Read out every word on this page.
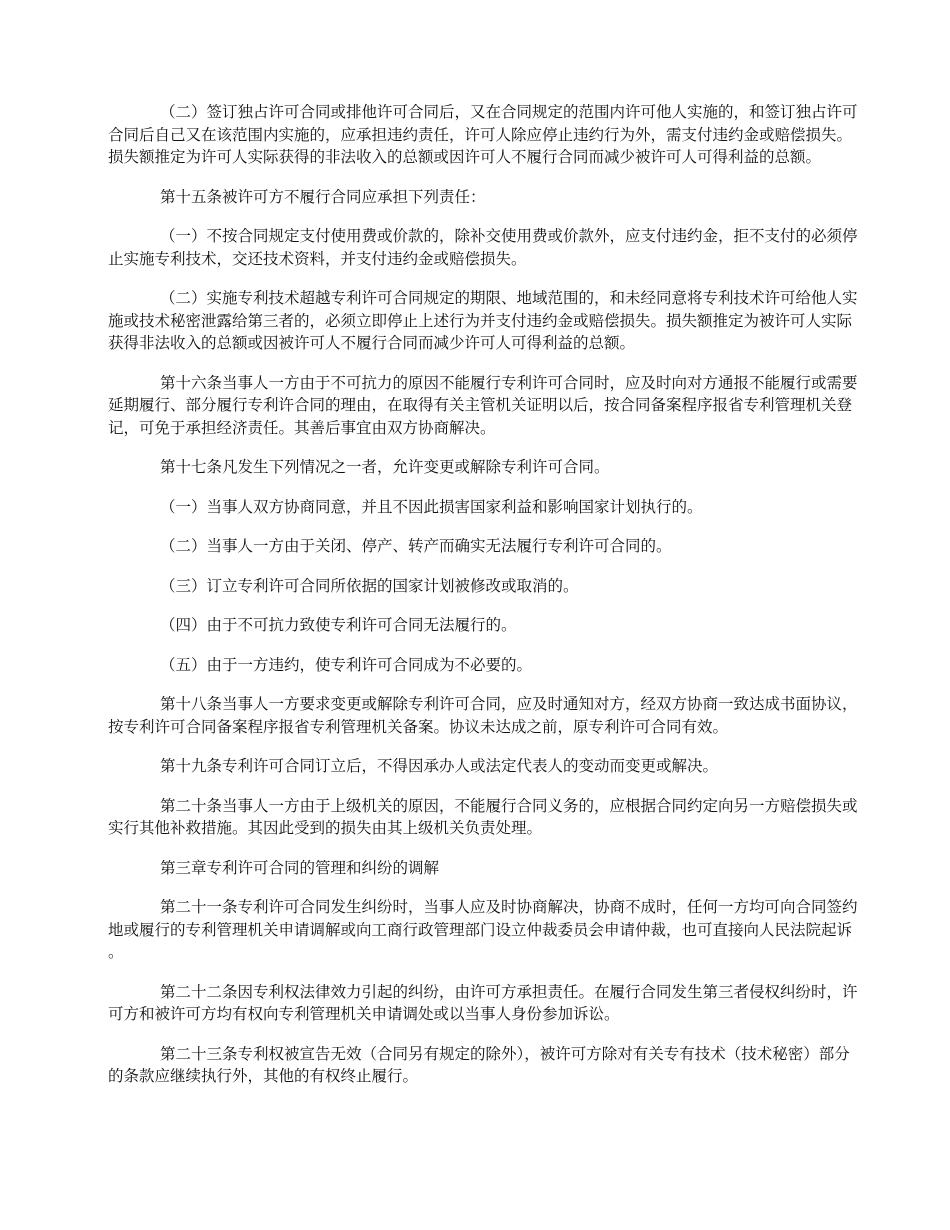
（二）签订独占许可合同或排他许可合同后，又在合同规定的范围内许可他人实施的，和签订独占许可合同后自己又在该范围内实施的，应承担违约责任，许可人除应停止违约行为外，需支付违约金或赔偿损失。损失额推定为许可人实际获得的非法收入的总额或因许可人不履行合同而减少被许可人可得利益的总额。

第十五条被许可方不履行合同应承担下列责任：

（一）不按合同规定支付使用费或价款的，除补交使用费或价款外，应支付违约金，拒不支付的必须停止实施专利技术，交还技术资料，并支付违约金或赔偿损失。

（二）实施专利技术超越专利许可合同规定的期限、地域范围的，和未经同意将专利技术许可给他人实施或技术秘密泄露给第三者的，必须立即停止上述行为并支付违约金或赔偿损失。损失额推定为被许可人实际获得非法收入的总额或因被许可人不履行合同而减少许可人可得利益的总额。

第十六条当事人一方由于不可抗力的原因不能履行专利许可合同时，应及时向对方通报不能履行或需要延期履行、部分履行专利许合同的理由，在取得有关主管机关证明以后，按合同备案程序报省专利管理机关登记，可免于承担经济责任。其善后事宜由双方协商解决。

第十七条凡发生下列情况之一者，允许变更或解除专利许可合同。

（一）当事人双方协商同意，并且不因此损害国家利益和影响国家计划执行的。

（二）当事人一方由于关闭、停产、转产而确实无法履行专利许可合同的。

（三）订立专利许可合同所依据的国家计划被修改或取消的。

（四）由于不可抗力致使专利许可合同无法履行的。

（五）由于一方违约，使专利许可合同成为不必要的。

第十八条当事人一方要求变更或解除专利许可合同，应及时通知对方，经双方协商一致达成书面协议，按专利许可合同备案程序报省专利管理机关备案。协议未达成之前，原专利许可合同有效。

第十九条专利许可合同订立后，不得因承办人或法定代表人的变动而变更或解决。

第二十条当事人一方由于上级机关的原因，不能履行合同义务的，应根据合同约定向另一方赔偿损失或实行其他补救措施。其因此受到的损失由其上级机关负责处理。

第三章专利许可合同的管理和纠纷的调解

第二十一条专利许可合同发生纠纷时，当事人应及时协商解决，协商不成时，任何一方均可向合同签约地或履行的专利管理机关申请调解或向工商行政管理部门设立仲裁委员会申请仲裁，也可直接向人民法院起诉。

第二十二条因专利权法律效力引起的纠纷，由许可方承担责任。在履行合同发生第三者侵权纠纷时，许可方和被许可方均有权向专利管理机关申请调处或以当事人身份参加诉讼。

第二十三条专利权被宣告无效（合同另有规定的除外），被许可方除对有关专有技术（技术秘密）部分的条款应继续执行外，其他的有权终止履行。
